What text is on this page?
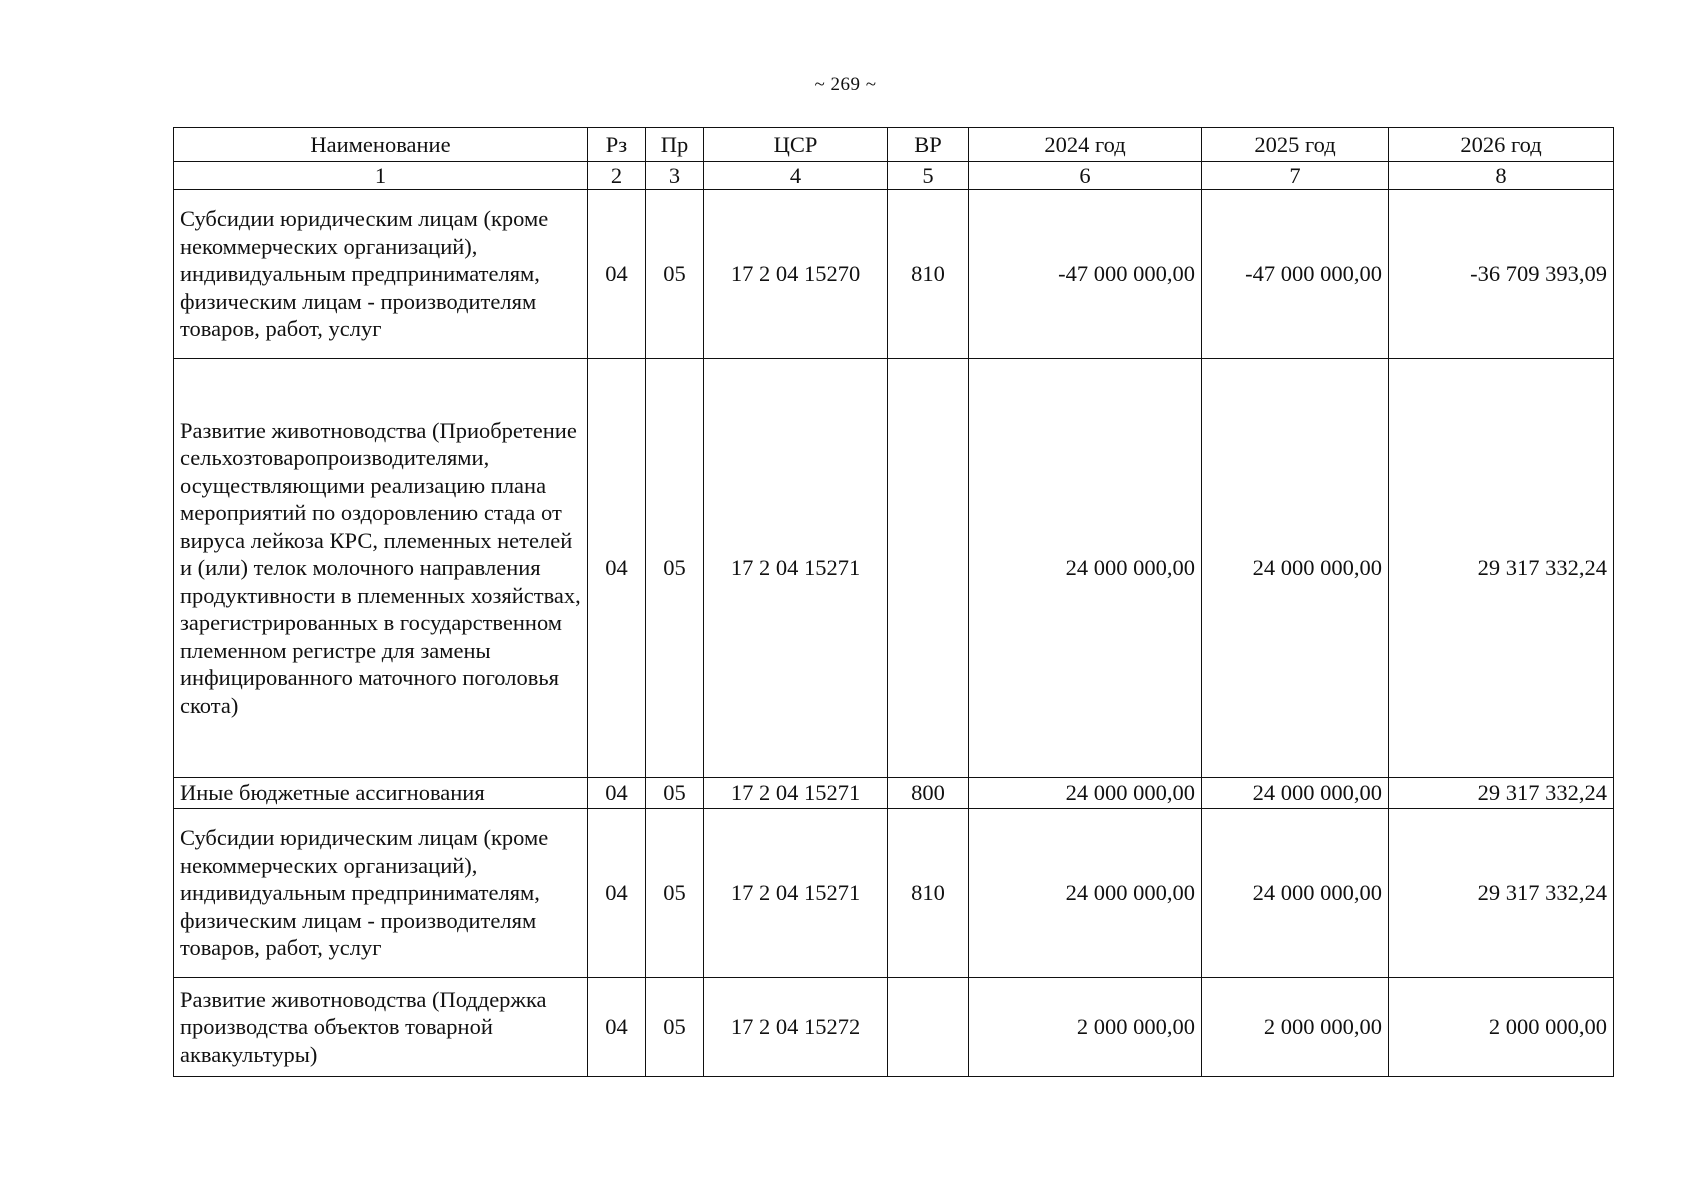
~ 269 ~
Наименование	Рз	Пр	ЦСР	ВР	2024 год	2025 год	2026 год
1	2	3	4	5	6	7	8
Субсидии юридическим лицам (кроме некоммерческих организаций), индивидуальным предпринимателям, физическим лицам - производителям товаров, работ, услуг	04	05	17 2 04 15270	810	-47 000 000,00	-47 000 000,00	-36 709 393,09
Развитие животноводства (Приобретение сельхозтоваропроизводителями, осуществляющими реализацию плана мероприятий по оздоровлению стада от вируса лейкоза КРС, племенных нетелей и (или) телок молочного направления продуктивности в племенных хозяйствах, зарегистрированных в государственном племенном регистре для замены инфицированного маточного поголовья скота)	04	05	17 2 04 15271		24 000 000,00	24 000 000,00	29 317 332,24
Иные бюджетные ассигнования	04	05	17 2 04 15271	800	24 000 000,00	24 000 000,00	29 317 332,24
Субсидии юридическим лицам (кроме некоммерческих организаций), индивидуальным предпринимателям, физическим лицам - производителям товаров, работ, услуг	04	05	17 2 04 15271	810	24 000 000,00	24 000 000,00	29 317 332,24
Развитие животноводства (Поддержка производства объектов товарной аквакультуры)	04	05	17 2 04 15272		2 000 000,00	2 000 000,00	2 000 000,00
